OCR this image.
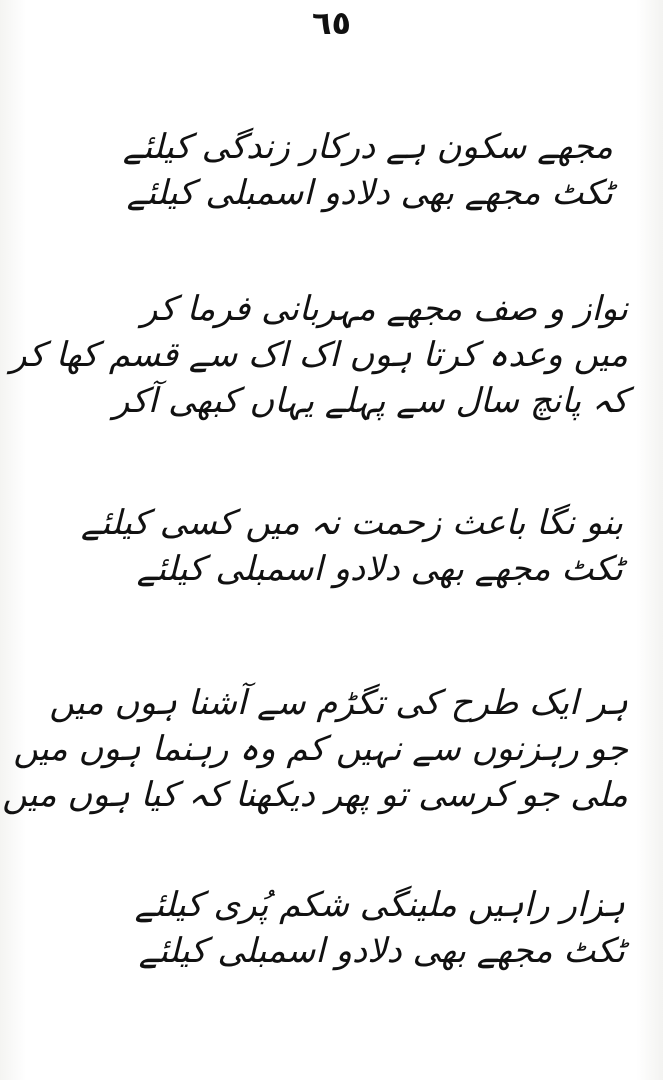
٦٥
مجھے سکون ہے درکار زندگی کیلئے
ٹکٹ مجھے بھی دلادو اسمبلی کیلئے
نواز و صف مجھے مہربانی فرما کر
میں وعدہ کرتا ہوں اک اک سے قسم کھا کر
کہ پانچ سال سے پہلے یہاں کبھی آکر
بنو نگا باعث زحمت نہ میں کسی کیلئے
ٹکٹ مجھے بھی دلادو اسمبلی کیلئے
ہر ایک طرح کی تگڑم سے آشنا ہوں میں
جو رہزنوں سے نہیں کم وہ رہنما ہوں میں
ملی جو کرسی تو پھر دیکھنا کہ کیا ہوں میں
ہزار راہیں ملینگی شکم پُری کیلئے
ٹکٹ مجھے بھی دلادو اسمبلی کیلئے
